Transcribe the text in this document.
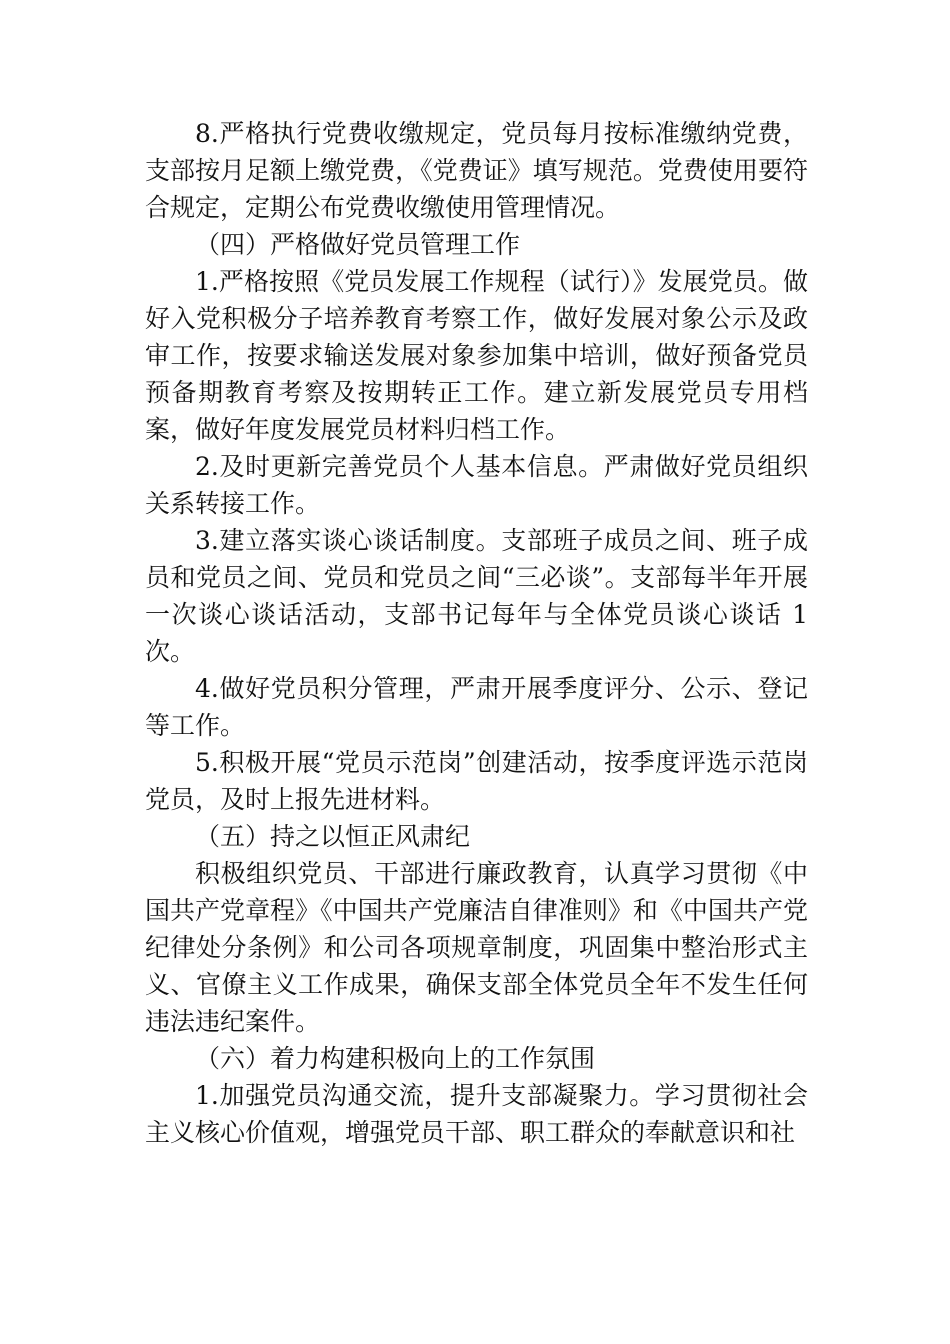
8.严格执行党费收缴规定，党员每月按标准缴纳党费，支部按月足额上缴党费，《党费证》填写规范。党费使用要符合规定，定期公布党费收缴使用管理情况。

（四）严格做好党员管理工作

1.严格按照《党员发展工作规程（试行）》发展党员。做好入党积极分子培养教育考察工作，做好发展对象公示及政审工作，按要求输送发展对象参加集中培训，做好预备党员预备期教育考察及按期转正工作。建立新发展党员专用档案，做好年度发展党员材料归档工作。

2.及时更新完善党员个人基本信息。严肃做好党员组织关系转接工作。

3.建立落实谈心谈话制度。支部班子成员之间、班子成员和党员之间、党员和党员之间“三必谈”。支部每半年开展一次谈心谈话活动，支部书记每年与全体党员谈心谈话 1 次。

4.做好党员积分管理，严肃开展季度评分、公示、登记等工作。

5.积极开展“党员示范岗”创建活动，按季度评选示范岗党员，及时上报先进材料。

（五）持之以恒正风肃纪

积极组织党员、干部进行廉政教育，认真学习贯彻《中国共产党章程》《中国共产党廉洁自律准则》和《中国共产党纪律处分条例》和公司各项规章制度，巩固集中整治形式主义、官僚主义工作成果，确保支部全体党员全年不发生任何违法违纪案件。

（六）着力构建积极向上的工作氛围

1.加强党员沟通交流，提升支部凝聚力。学习贯彻社会主义核心价值观，增强党员干部、职工群众的奉献意识和社
